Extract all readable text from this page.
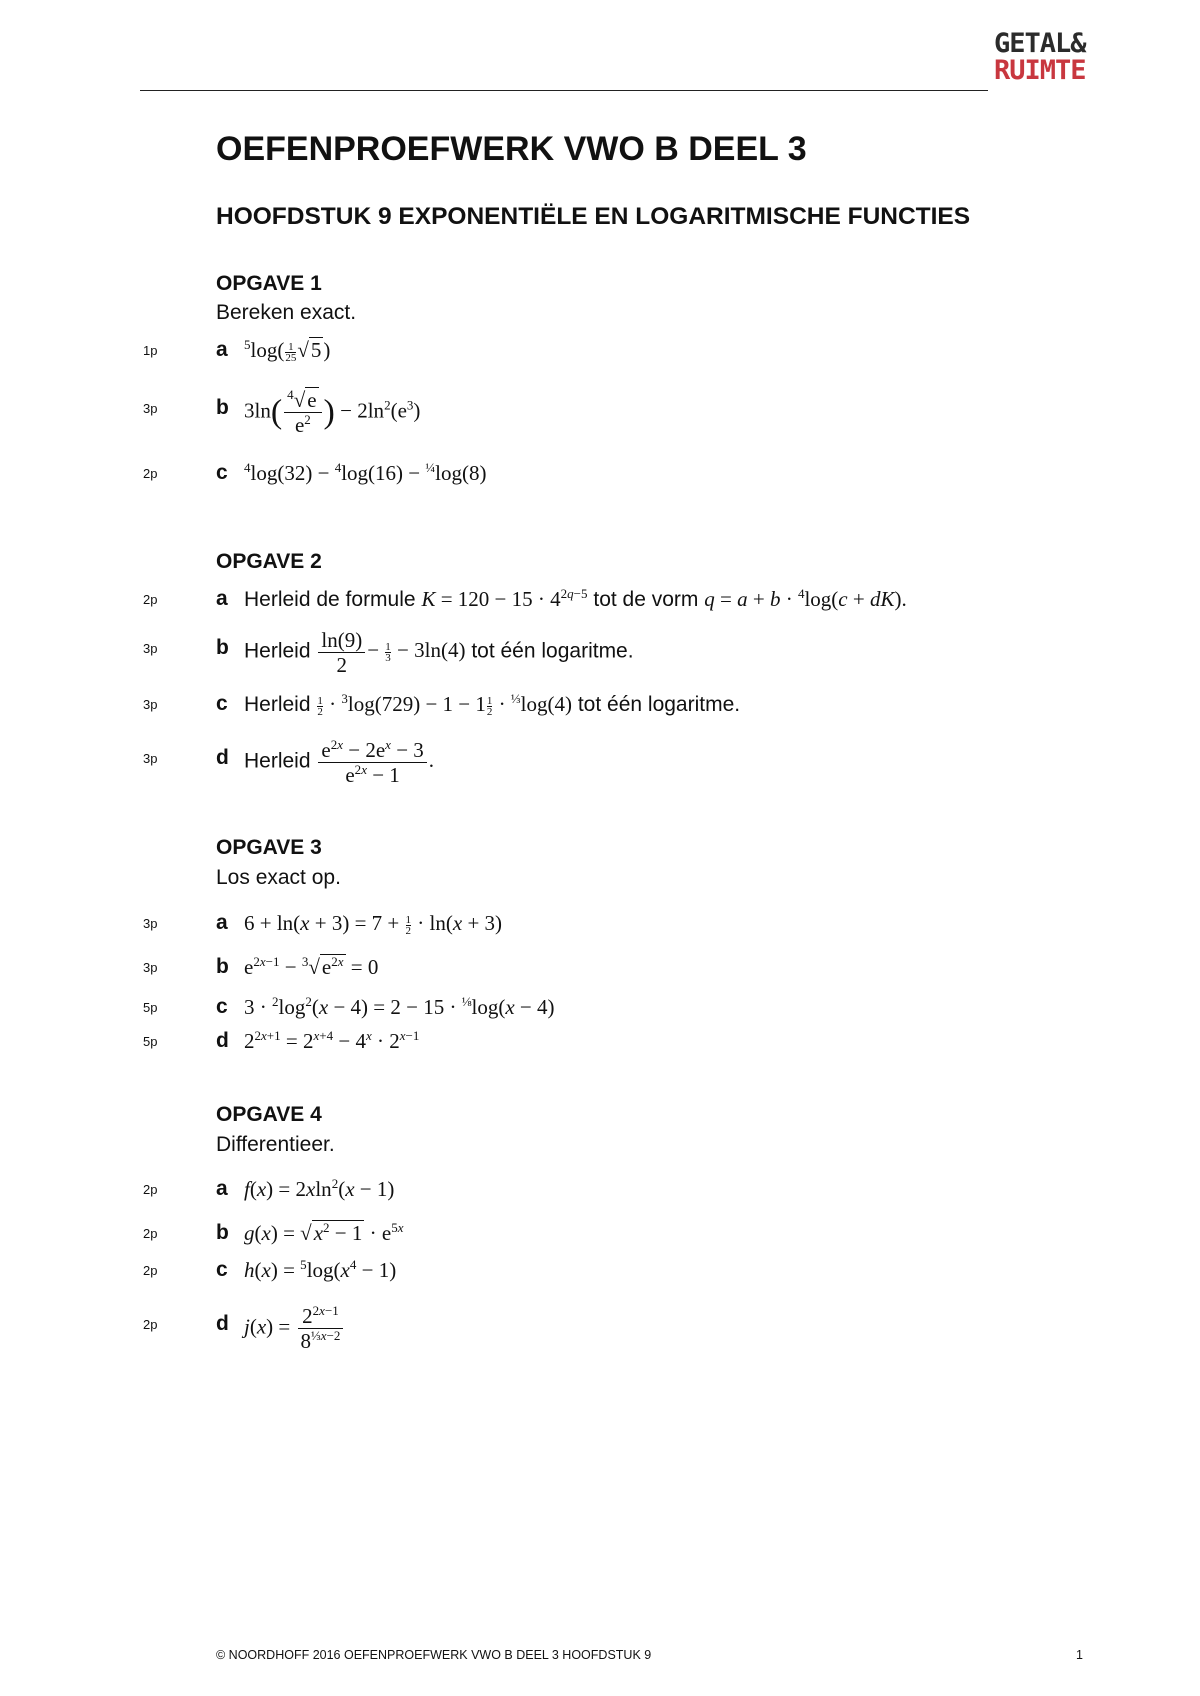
GETAL&
RUIMTE
OEFENPROEFWERK VWO B DEEL 3
HOOFDSTUK 9 EXPONENTIËLE EN LOGARITMISCHE FUNCTIES
OPGAVE 1
Bereken exact.
1p	a $^5\log( \frac{1}{25} √5)$
3p	b $3\ln( \frac{^4√e}{e^2}$ ) − $2\ln^2(e^3)$
2p	c $^4$log(32) − $^4$log(16) − $^{\frac{1}{4}}$log(8)
OPGAVE 2
2p	a Herleid de formule $K = 120 - 15 \cdot 4^{2q-5}$ tot de vorm q = a + b · $^4$log(c + dK).
3p	b Herleid $\frac{\ln(9)}{2} - \frac{1}{3} - 3\ln(4)$ tot één logaritme.
3p	c Herleid $\frac{1}{2} \cdot ^3\log(729) - 1 - 1 \frac{1}{2} \cdot ^{\frac{1}{3}}\log(4)$ tot één logaritme.
3p	d Herleid $\frac{e^{2x} - 2e^x - 3}{e^{2x} - 1}$ .
OPGAVE 3
Los exact op.
3p	a $6 + \ln(x + 3) = 7 + \frac{1}{2} \cdot \ln(x + 3)$
3p	b $e^{2x-1} - ^3√e^{2x} = 0$
5p	c $3 \cdot ^2\log^2(x - 4) = 2 - 15 \cdot ^{\frac{1}{8}}\log(x - 4)$
5p	d $2^{2x+1} = 2^{x+4} - 4^x \cdot 2^{x-1}$
OPGAVE 4
Differentieer.
2p	a f(x) = 2xln$^2$(x − 1)
2p	b $g(x) = √x^2 - 1 \cdot e^{5x}$
2p	c $h(x) = ^5\log(x^4 - 1)$
2p	d $j(x) = \frac{2^{2x-1}}{8^{\frac{1}{3}x-2}}$
© NOORDHOFF 2016 OEFENPROEFWERK VWO B DEEL 3 HOOFDSTUK 9	1
